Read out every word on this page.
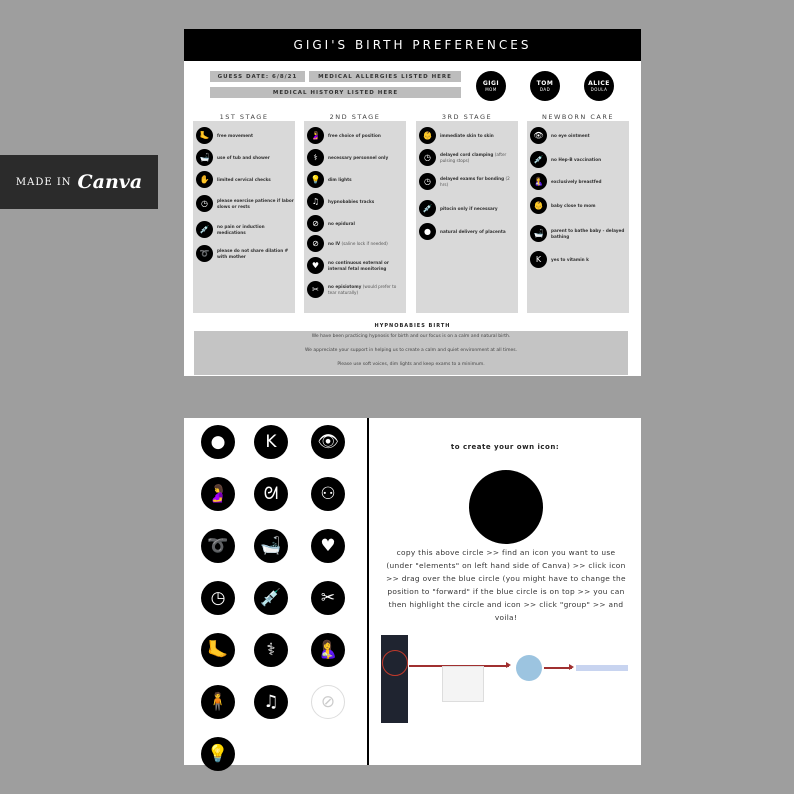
MADE IN Canva
GIGI'S BIRTH PREFERENCES
GUESS DATE: 6/8/21	MEDICAL ALLERGIES LISTED HERE
MEDICAL HISTORY LISTED HERE
GIGI
MOM
TOM
DAD
ALICE
DOULA
1ST STAGE	2ND STAGE	3RD STAGE	NEWBORN CARE
🦶	free movement
🛁	use of tub and shower
✋	limited cervical checks
◷	please exercise patience if labor slows or rests
💉	no pain or induction medications
➰	please do not share dilation # with mother
🤰	free choice of position
⚕	necessary personnel only
💡	dim lights
♫	hypnobabies tracks
⊘	no epidural
⊘	no IV (saline lock if needed)
♥	no continuous external or internal fetal monitoring
✂	no episiotomy (would prefer to tear naturally)
👶	immediate skin to skin
◷	delayed cord clamping (after pulsing stops)
◷	delayed exams for bonding (2 hrs)
💉	pitocin only if necessary
●	natural delivery of placenta
👁	no eye ointment
💉	no Hep-B vaccination
🤱	exclusively breastfed
👶	baby close to mom
🛁	parent to bathe baby - delayed bathing
K	yes to vitamin k
HYPNOBABIES BIRTH
We have been practicing hypnosis for birth and our focus is on a calm and natural birth.
We appreciate your support in helping us to create a calm and quiet environment at all times.
Please use soft voices, dim lights and keep exams to a minimum.
●	K	👁
🤰	ᘛ	⚇
➰	🛁	♥
◷	💉	✂
🦶	⚕	🤱
🧍	♫	⊘
💡
to create your own icon:
copy this above circle >> find an icon you want to use (under "elements" on left hand side of Canva) >> click icon >> drag over the blue circle (you might have to change the position to "forward" if the blue circle is on top >> you can then highlight the circle and icon >> click "group" >> and voila!
